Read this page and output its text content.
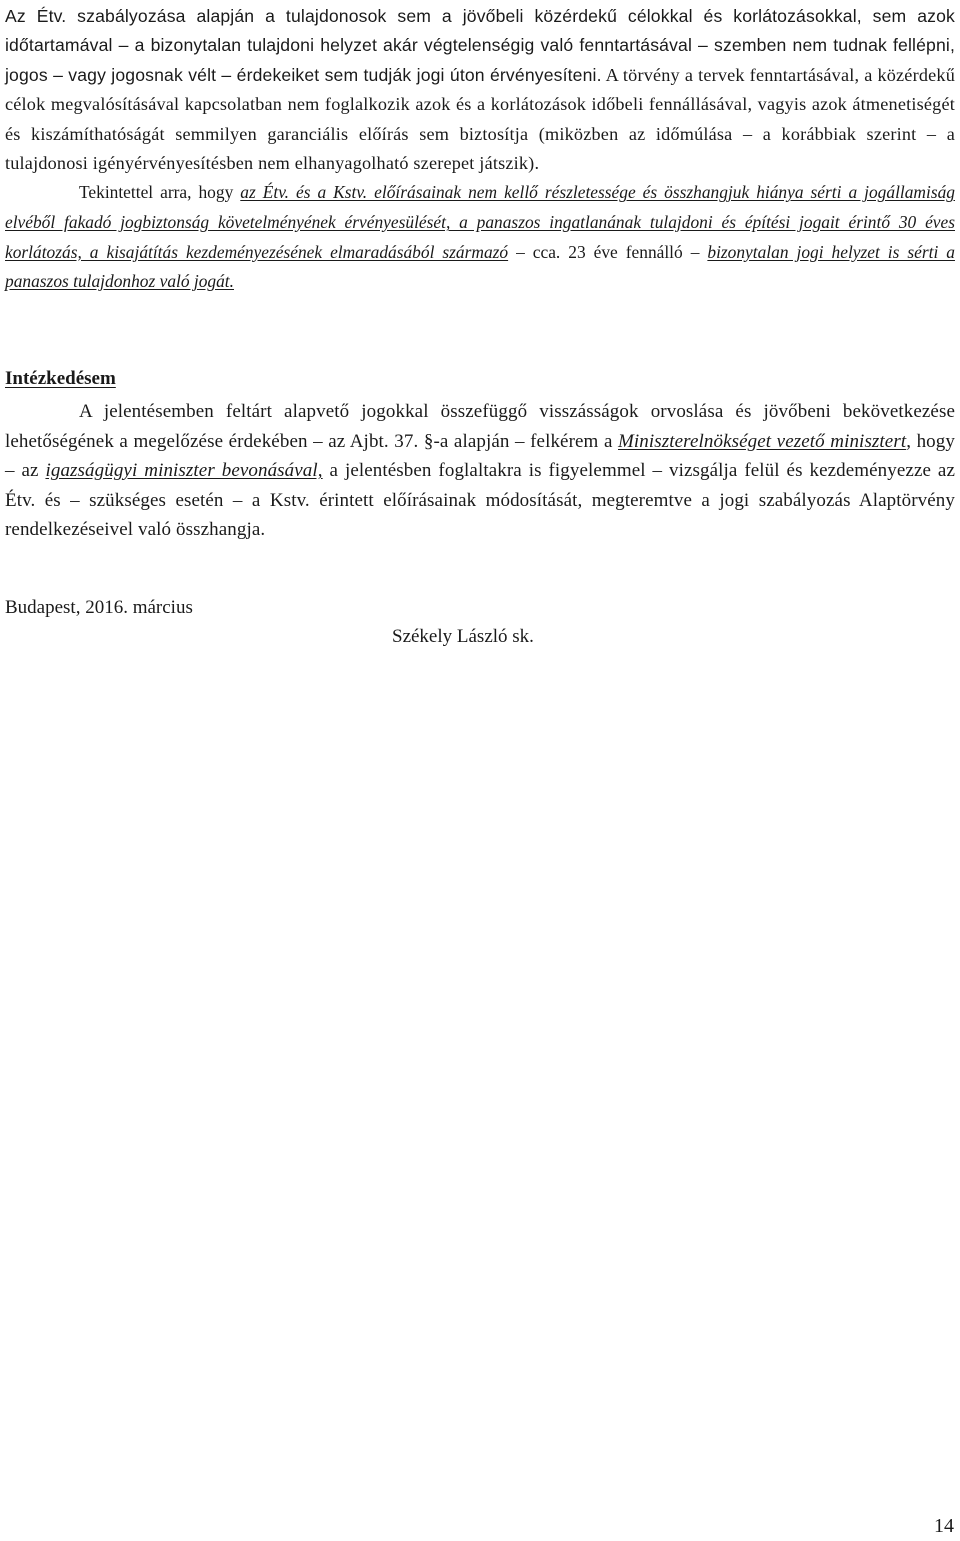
Az Étv. szabályozása alapján a tulajdonosok sem a jövőbeli közérdekű célokkal és korlátozásokkal, sem azok időtartamával – a bizonytalan tulajdoni helyzet akár végtelenségig való fenntartásával – szemben nem tudnak fellépni, jogos – vagy jogosnak vélt – érdekeiket sem tudják jogi úton érvényesíteni. A törvény a tervek fenntartásával, a közérdekű célok megvalósításával kapcsolatban nem foglalkozik azok és a korlátozások időbeli fennállásával, vagyis azok átmenetiségét és kiszámíthatóságát semmilyen garanciális előírás sem biztosítja (miközben az időmúlása – a korábbiak szerint – a tulajdonosi igényérvényesítésben nem elhanyagolható szerepet játszik).

Tekintettel arra, hogy az Étv. és a Kstv. előírásainak nem kellő részletessége és összhangjuk hiánya sérti a jogállamiság elvéből fakadó jogbiztonság követelményének érvényesülését, a panaszos ingatlanának tulajdoni és építési jogait érintő 30 éves korlátozás, a kisajátítás kezdeményezésének elmaradásából származó – cca. 23 éve fennálló – bizonytalan jogi helyzet is sérti a panaszos tulajdonhoz való jogát.

Intézkedésem

A jelentésemben feltárt alapvető jogokkal összefüggő visszásságok orvoslása és jövőbeni bekövetkezése lehetőségének a megelőzése érdekében – az Ajbt. 37. §-a alapján – felkérem a Miniszterelnökséget vezető minisztert, hogy – az igazságügyi miniszter bevonásával, a jelentésben foglaltakra is figyelemmel – vizsgálja felül és kezdeményezze az Étv. és – szükséges esetén – a Kstv. érintett előírásainak módosítását, megteremtve a jogi szabályozás Alaptörvény rendelkezéseivel való összhangja.

Budapest, 2016. március
Székely László sk.
14
